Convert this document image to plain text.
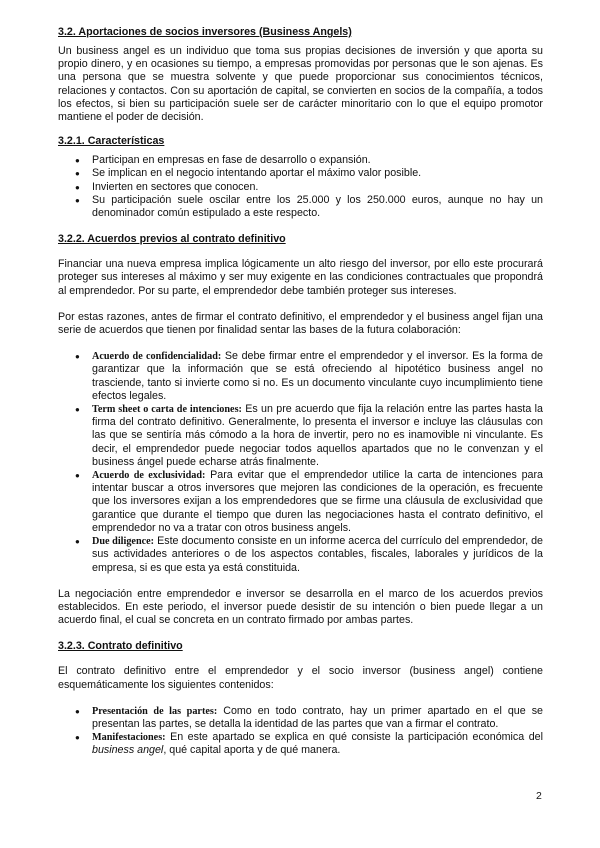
3.2. Aportaciones de socios inversores (Business Angels)

Un business angel es un individuo que toma sus propias decisiones de inversión y que aporta su propio dinero, y en ocasiones su tiempo, a empresas promovidas por personas que le son ajenas. Es una persona que se muestra solvente y que puede proporcionar sus conocimientos técnicos, relaciones y contactos. Con su aportación de capital, se convierten en socios de la compañía, a todos los efectos, si bien su participación suele ser de carácter minoritario con lo que el equipo promotor mantiene el poder de decisión.

3.2.1. Características
● Participan en empresas en fase de desarrollo o expansión.
● Se implican en el negocio intentando aportar el máximo valor posible.
● Invierten en sectores que conocen.
● Su participación suele oscilar entre los 25.000 y los 250.000 euros, aunque no hay un denominador común estipulado a este respecto.
3.2.2. Acuerdos previos al contrato definitivo

Financiar una nueva empresa implica lógicamente un alto riesgo del inversor, por ello este procurará proteger sus intereses al máximo y ser muy exigente en las condiciones contractuales que propondrá al emprendedor. Por su parte, el emprendedor debe también proteger sus intereses.

Por estas razones, antes de firmar el contrato definitivo, el emprendedor y el business angel fijan una serie de acuerdos que tienen por finalidad sentar las bases de la futura colaboración:

● Acuerdo de confidencialidad: Se debe firmar entre el emprendedor y el inversor. Es la forma de garantizar que la información que se está ofreciendo al hipotético business angel no trasciende, tanto si invierte como si no. Es un documento vinculante cuyo incumplimiento tiene efectos legales.
● Term sheet o carta de intenciones: Es un pre acuerdo que fija la relación entre las partes hasta la firma del contrato definitivo. Generalmente, lo presenta el inversor e incluye las cláusulas con las que se sentiría más cómodo a la hora de invertir, pero no es inamovible ni vinculante. Es decir, el emprendedor puede negociar todos aquellos apartados que no le convenzan y el business ángel puede echarse atrás finalmente.
● Acuerdo de exclusividad: Para evitar que el emprendedor utilice la carta de intenciones para intentar buscar a otros inversores que mejoren las condiciones de la operación, es frecuente que los inversores exijan a los emprendedores que se firme una cláusula de exclusividad que garantice que durante el tiempo que duren las negociaciones hasta el contrato definitivo, el emprendedor no va a tratar con otros business angels.
● Due diligence: Este documento consiste en un informe acerca del currículo del emprendedor, de sus actividades anteriores o de los aspectos contables, fiscales, laborales y jurídicos de la empresa, si es que esta ya está constituida.

La negociación entre emprendedor e inversor se desarrolla en el marco de los acuerdos previos establecidos. En este periodo, el inversor puede desistir de su intención o bien puede llegar a un acuerdo final, el cual se concreta en un contrato firmado por ambas partes.

3.2.3. Contrato definitivo

El contrato definitivo entre el emprendedor y el socio inversor (business angel) contiene esquemáticamente los siguientes contenidos:

● Presentación de las partes: Como en todo contrato, hay un primer apartado en el que se presentan las partes, se detalla la identidad de las partes que van a firmar el contrato.
● Manifestaciones: En este apartado se explica en qué consiste la participación económica del business angel, qué capital aporta y de qué manera.
2
